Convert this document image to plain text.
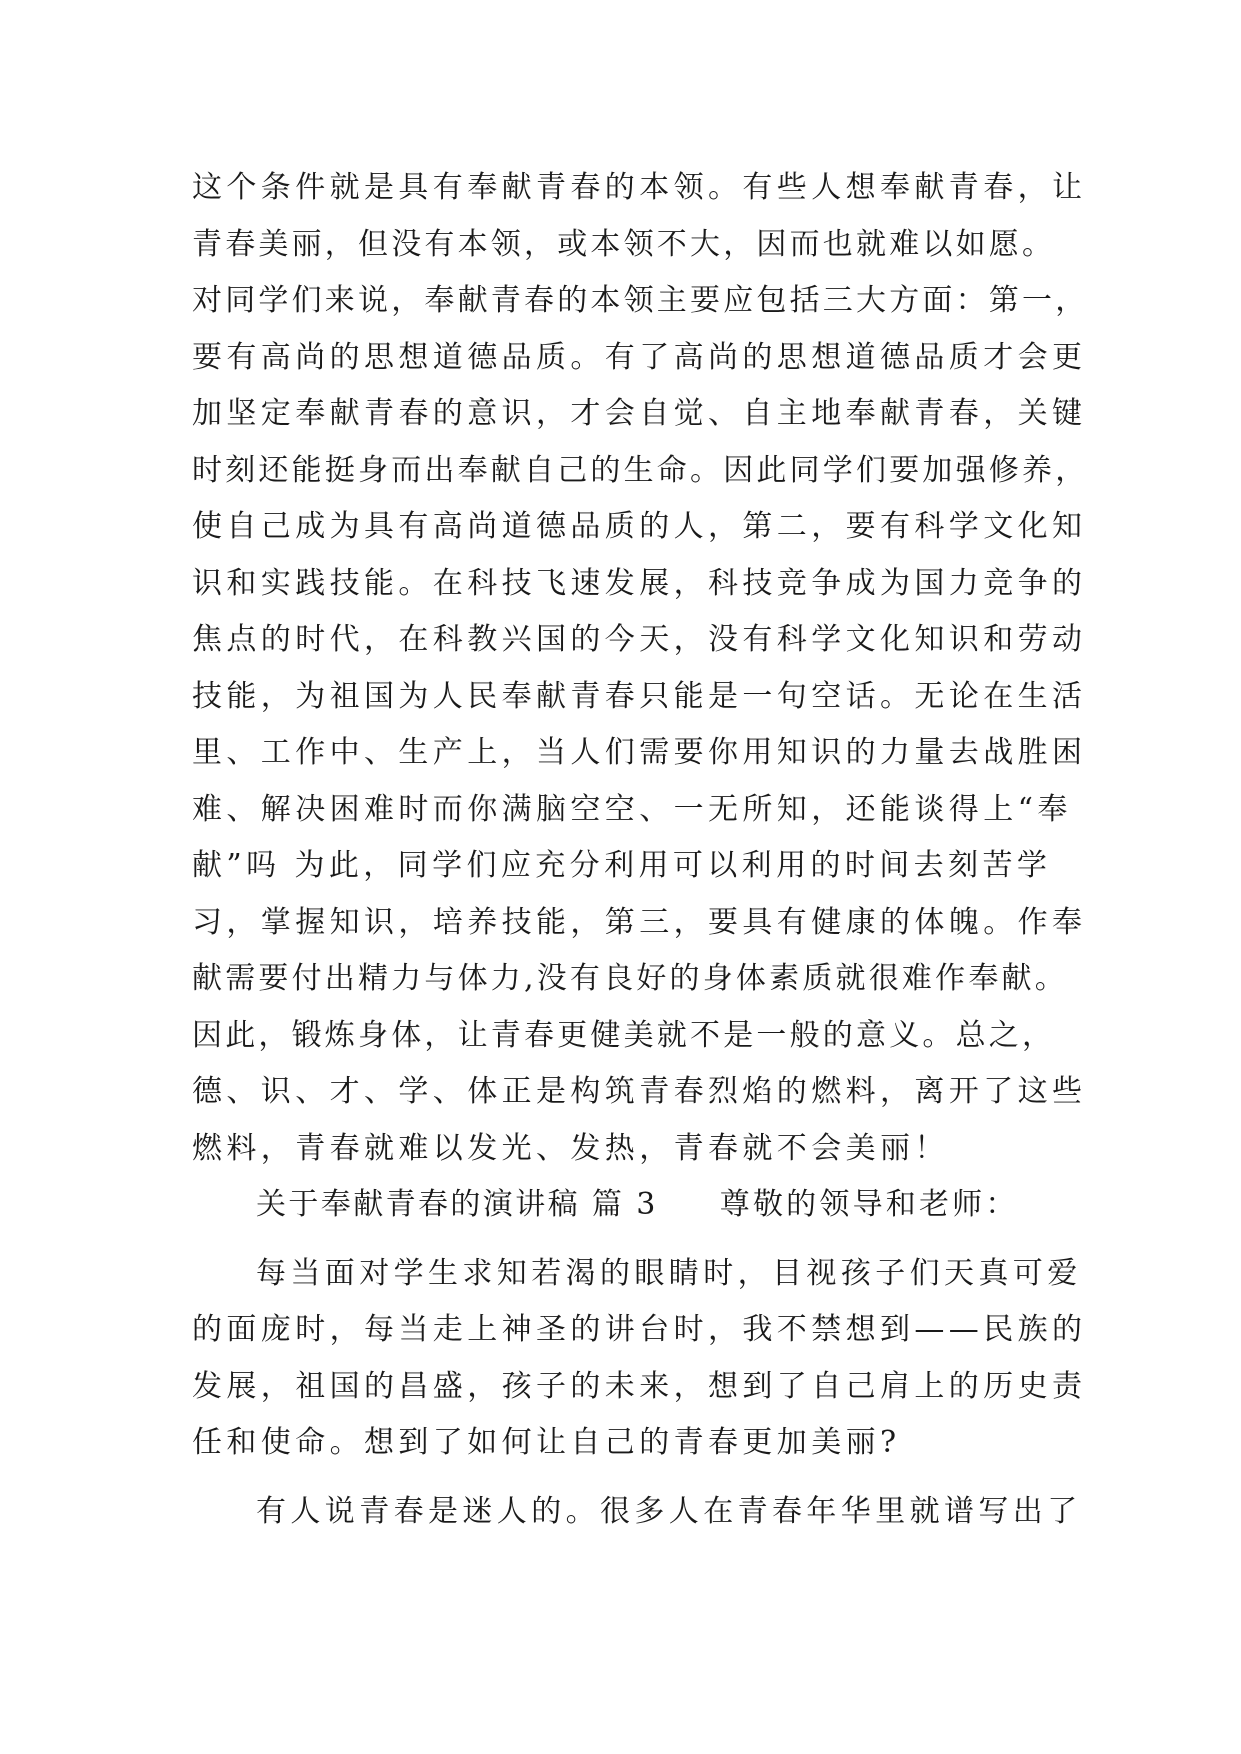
这个条件就是具有奉献青春的本领。有些人想奉献青春，让
青春美丽，但没有本领，或本领不大，因而也就难以如愿。
对同学们来说，奉献青春的本领主要应包括三大方面：第一，
要有高尚的思想道德品质。有了高尚的思想道德品质才会更
加坚定奉献青春的意识，才会自觉、自主地奉献青春，关键
时刻还能挺身而出奉献自己的生命。因此同学们要加强修养，
使自己成为具有高尚道德品质的人，第二，要有科学文化知
识和实践技能。在科技飞速发展，科技竞争成为国力竞争的
焦点的时代，在科教兴国的今天，没有科学文化知识和劳动
技能，为祖国为人民奉献青春只能是一句空话。无论在生活
里、工作中、生产上，当人们需要你用知识的力量去战胜困
难、解决困难时而你满脑空空、一无所知，还能谈得上“奉
献”吗 为此，同学们应充分利用可以利用的时间去刻苦学
习，掌握知识，培养技能，第三，要具有健康的体魄。作奉
献需要付出精力与体力,没有良好的身体素质就很难作奉献。
因此，锻炼身体，让青春更健美就不是一般的意义。总之，
德、识、才、学、体正是构筑青春烈焰的燃料，离开了这些
燃料，青春就难以发光、发热，青春就不会美丽！
关于奉献青春的演讲稿 篇 3 尊敬的领导和老师：
每当面对学生求知若渴的眼睛时，目视孩子们天真可爱
的面庞时，每当走上神圣的讲台时，我不禁想到——民族的
发展，祖国的昌盛，孩子的未来，想到了自己肩上的历史责
任和使命。想到了如何让自己的青春更加美丽?
有人说青春是迷人的。很多人在青春年华里就谱写出了
